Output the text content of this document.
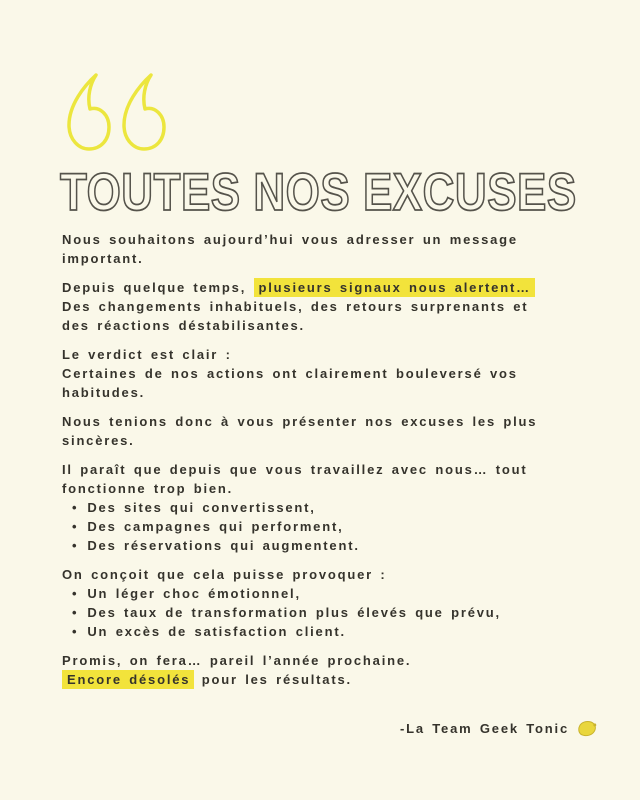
TOUTES NOS EXCUSES

Nous souhaitons aujourd’hui vous adresser un message
important.

Depuis quelque temps, plusieurs signaux nous alertent…
Des changements inhabituels, des retours surprenants et
des réactions déstabilisantes.

Le verdict est clair :
Certaines de nos actions ont clairement bouleversé vos
habitudes.

Nous tenions donc à vous présenter nos excuses les plus
sincères.

Il paraît que depuis que vous travaillez avec nous… tout
fonctionne trop bien.
• Des sites qui convertissent,
• Des campagnes qui performent,
• Des réservations qui augmentent.
On conçoit que cela puisse provoquer :
• Un léger choc émotionnel,
• Des taux de transformation plus élevés que prévu,
• Un excès de satisfaction client.

Promis, on fera… pareil l’année prochaine.
Encore désolés pour les résultats.

-La Team Geek Tonic
